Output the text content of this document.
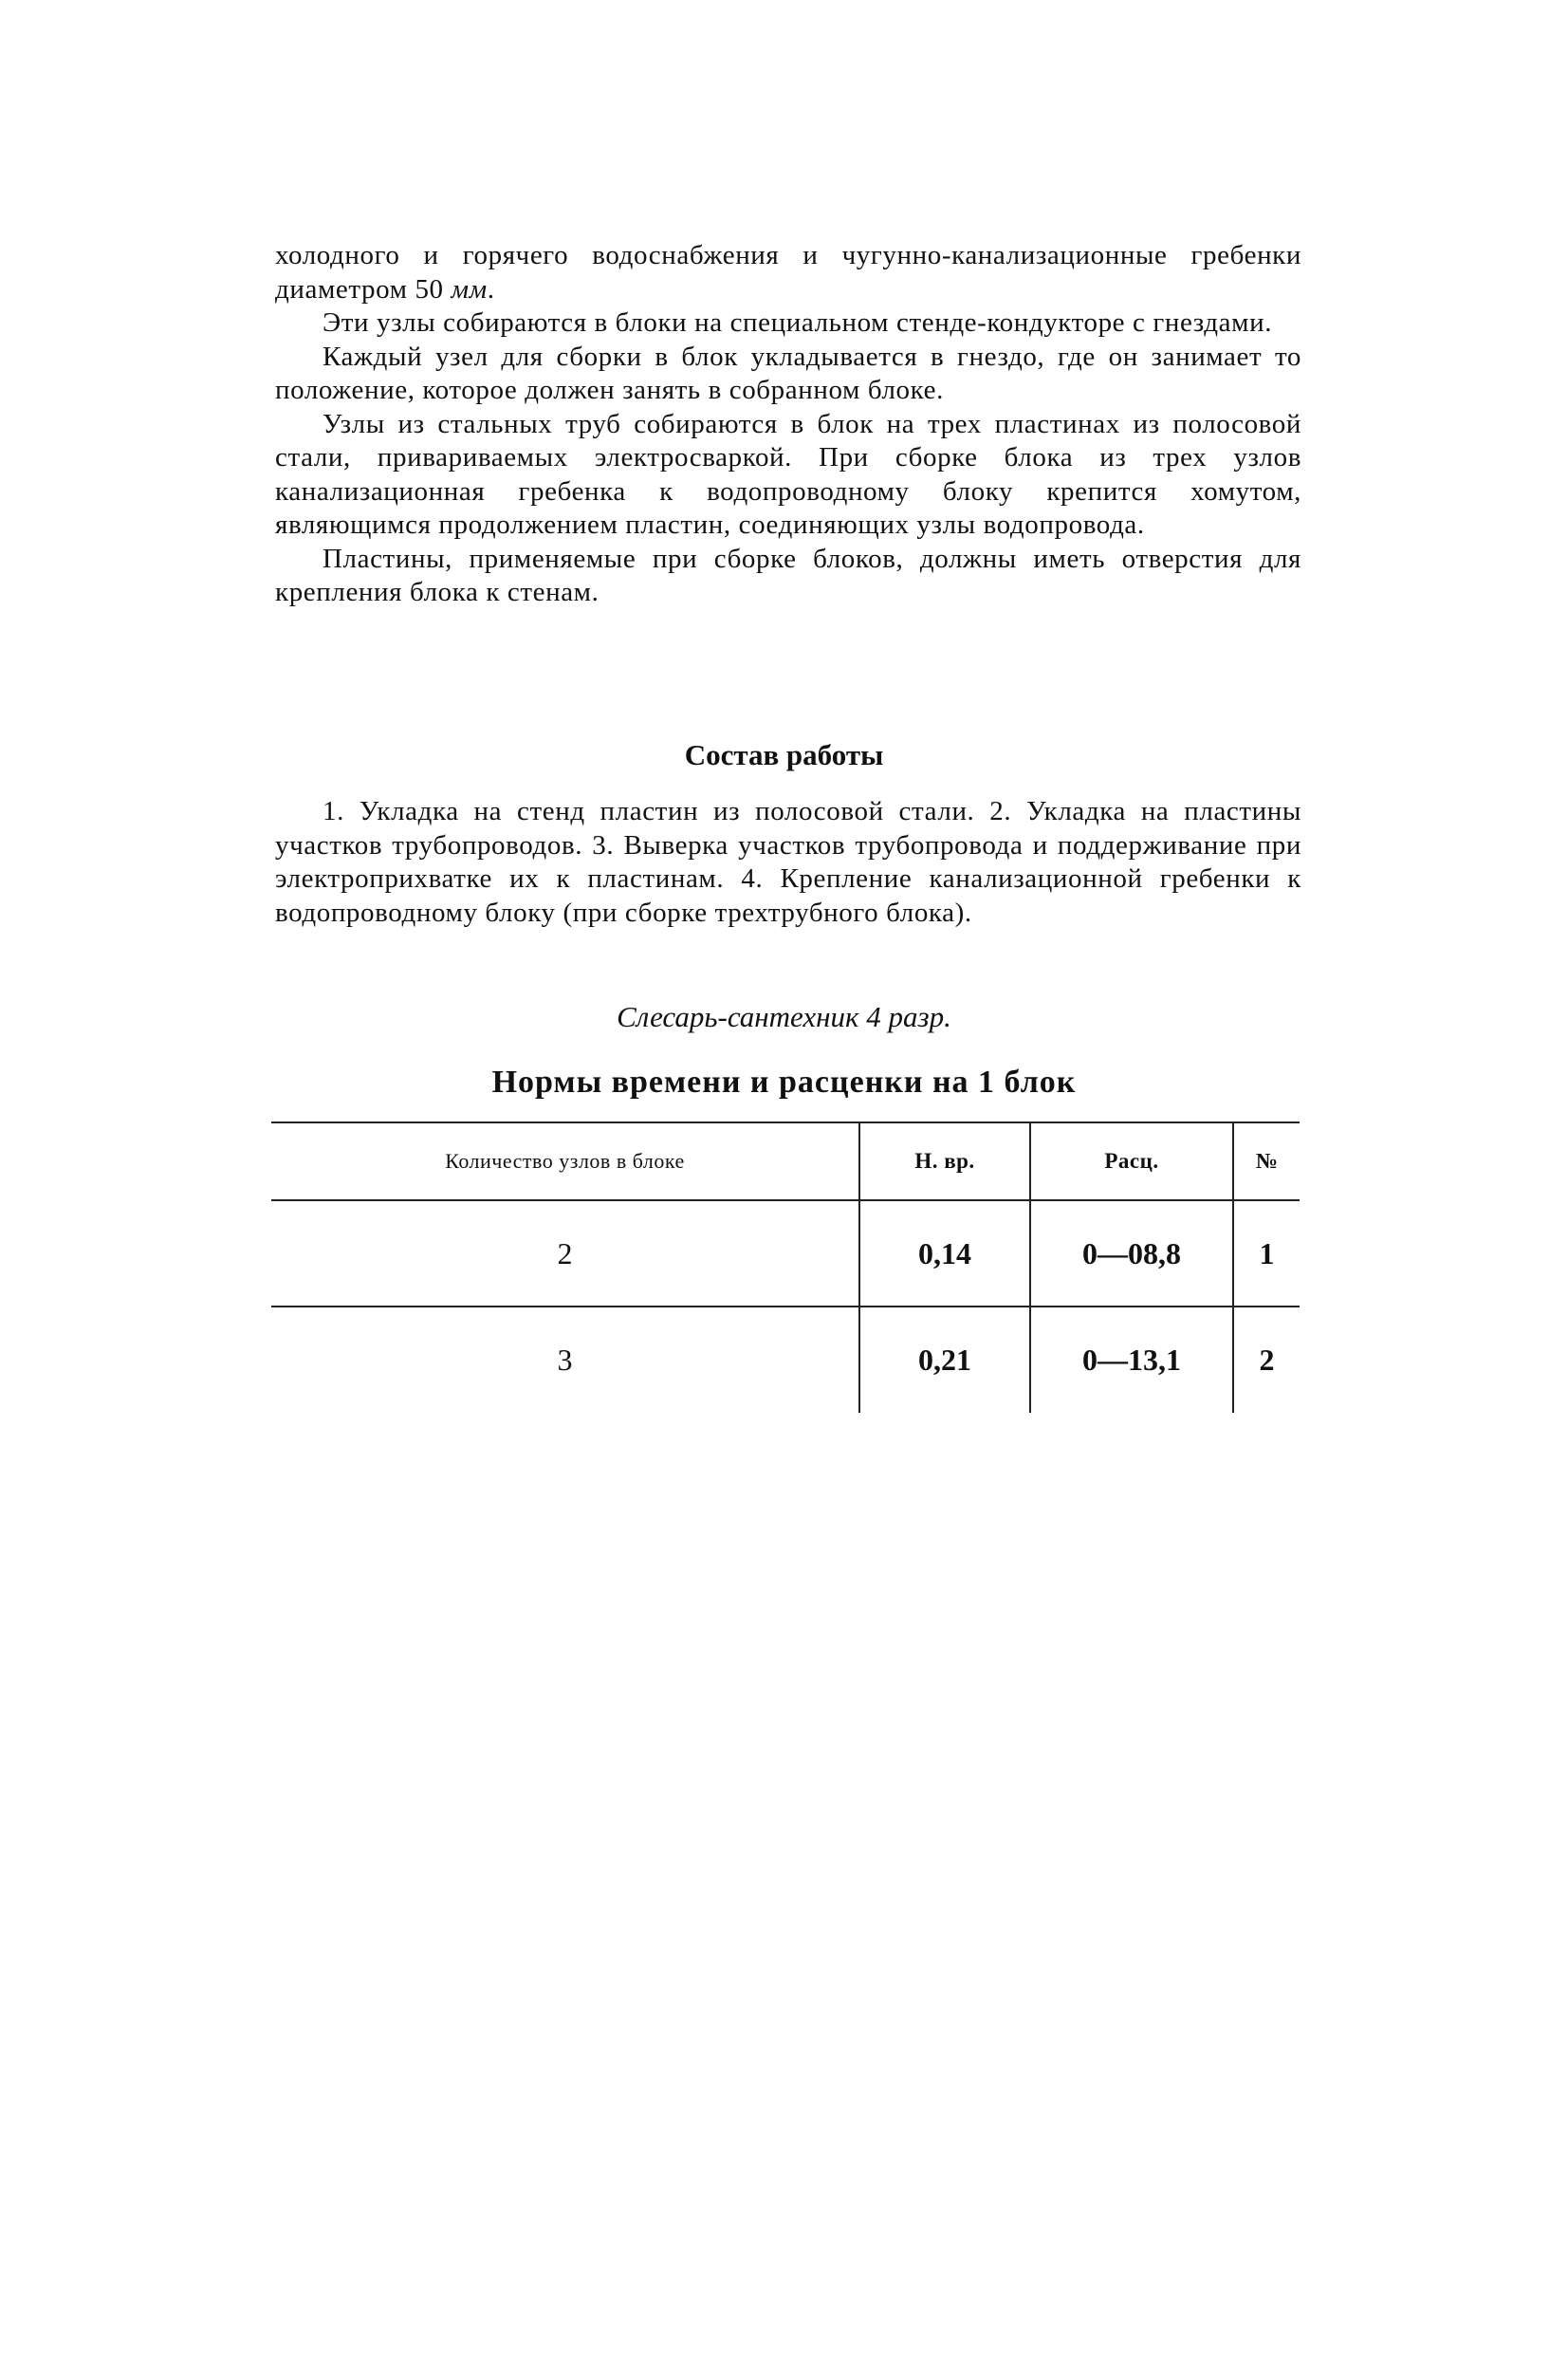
холодного и горячего водоснабжения и чугунно-канализационные гребенки диаметром 50 мм.

Эти узлы собираются в блоки на специальном стенде-кондукторе с гнездами.

Каждый узел для сборки в блок укладывается в гнездо, где он занимает то положение, которое должен занять в собранном блоке.

Узлы из стальных труб собираются в блок на трех пластинах из полосовой стали, привариваемых электросваркой. При сборке блока из трех узлов канализационная гребенка к водопроводному блоку крепится хомутом, являющимся продолжением пластин, соединяющих узлы водопровода.

Пластины, применяемые при сборке блоков, должны иметь отверстия для крепления блока к стенам.

Состав работы

1. Укладка на стенд пластин из полосовой стали. 2. Укладка на пластины участков трубопроводов. 3. Выверка участков трубопровода и поддерживание при электроприхватке их к пластинам. 4. Крепление канализационной гребенки к водопроводному блоку (при сборке трехтрубного блока).

Слесарь-сантехник 4 разр.
Нормы времени и расценки на 1 блок
Количество узлов в блоке	Н. вр.	Расц.	№
2	0,14	0—08,8	1
3	0,21	0—13,1	2
